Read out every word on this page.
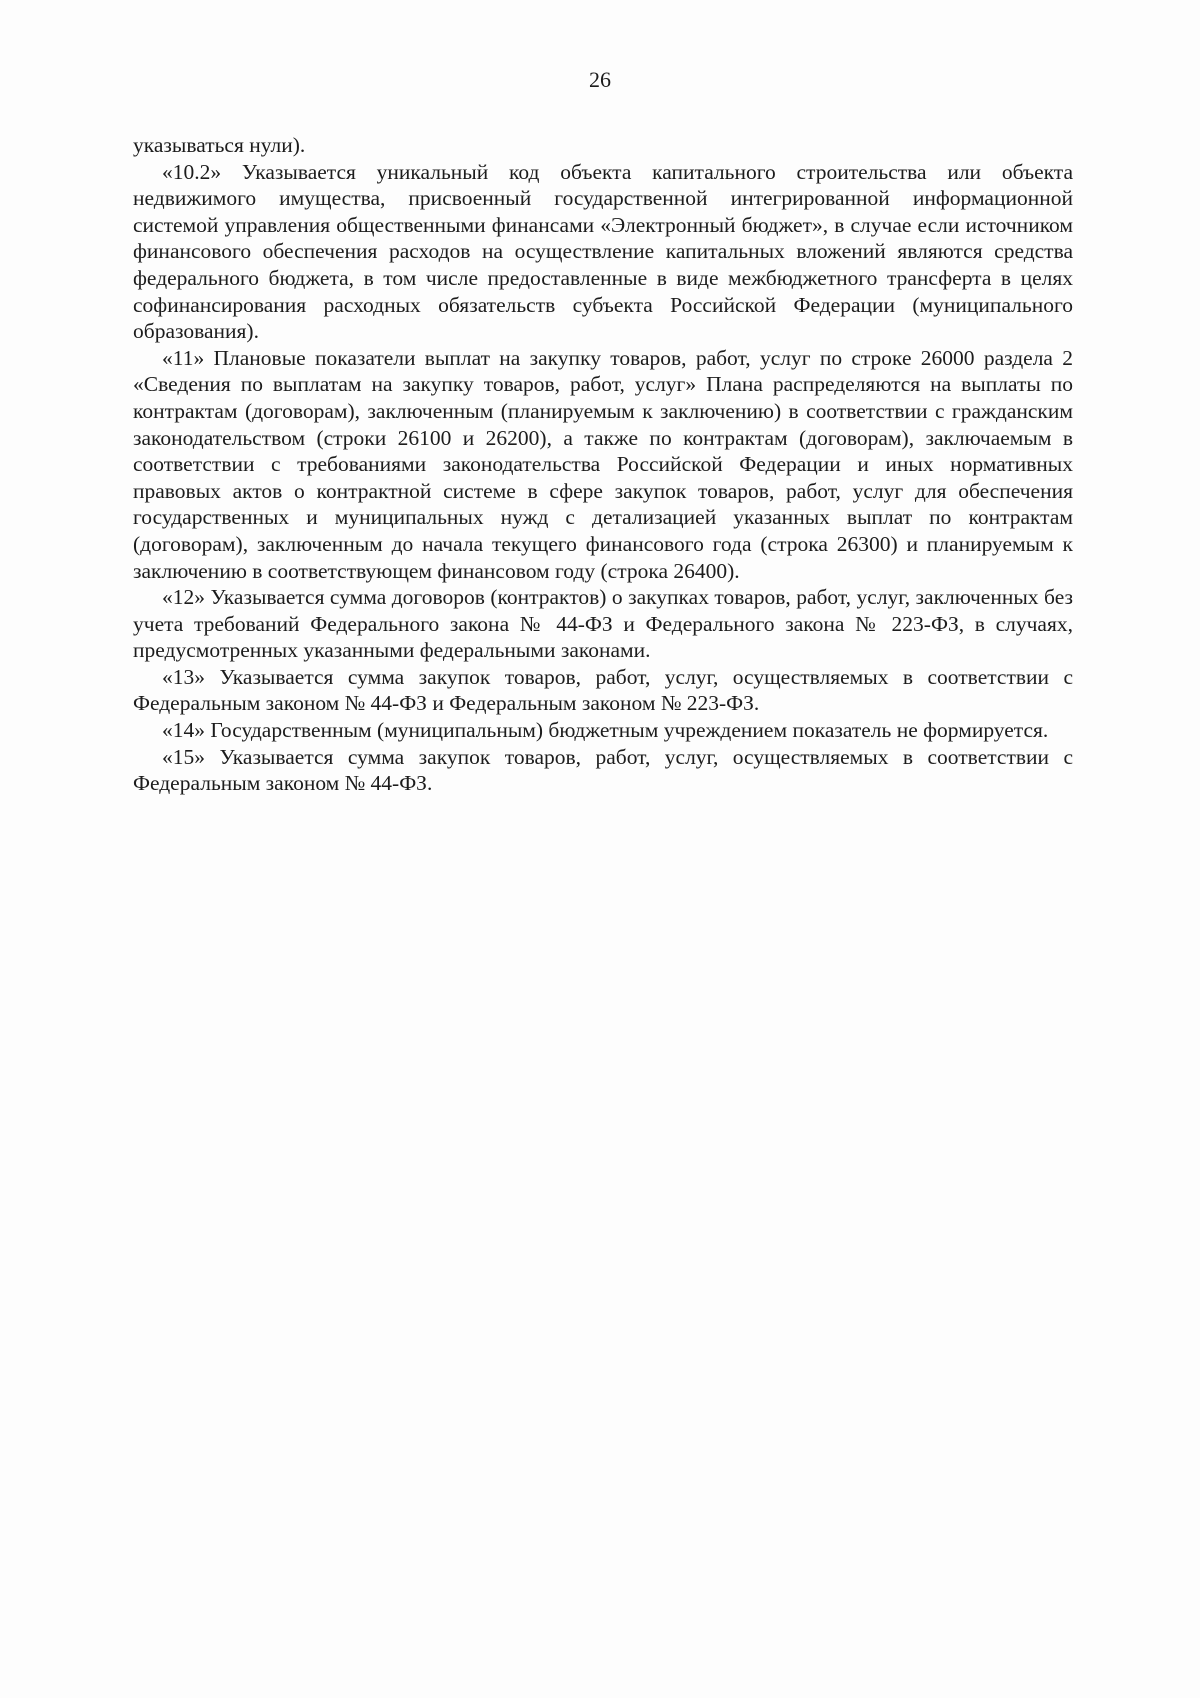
26

указываться нули).

«10.2» Указывается уникальный код объекта капитального строительства или объекта недвижимого имущества, присвоенный государственной интегрированной информационной системой управления общественными финансами «Электронный бюджет», в случае если источником финансового обеспечения расходов на осуществление капитальных вложений являются средства федерального бюджета, в том числе предоставленные в виде межбюджетного трансферта в целях софинансирования расходных обязательств субъекта Российской Федерации (муниципального образования).

«11» Плановые показатели выплат на закупку товаров, работ, услуг по строке 26000 раздела 2 «Сведения по выплатам на закупку товаров, работ, услуг» Плана распределяются на выплаты по контрактам (договорам), заключенным (планируемым к заключению) в соответствии с гражданским законодательством (строки 26100 и 26200), а также по контрактам (договорам), заключаемым в соответствии с требованиями законодательства Российской Федерации и иных нормативных правовых актов о контрактной системе в сфере закупок товаров, работ, услуг для обеспечения государственных и муниципальных нужд с детализацией указанных выплат по контрактам (договорам), заключенным до начала текущего финансового года (строка 26300) и планируемым к заключению в соответствующем финансовом году (строка 26400).

«12» Указывается сумма договоров (контрактов) о закупках товаров, работ, услуг, заключенных без учета требований Федерального закона № 44-ФЗ и Федерального закона № 223-ФЗ, в случаях, предусмотренных указанными федеральными законами.

«13» Указывается сумма закупок товаров, работ, услуг, осуществляемых в соответствии с Федеральным законом № 44-ФЗ и Федеральным законом № 223-ФЗ.

«14» Государственным (муниципальным) бюджетным учреждением показатель не формируется.

«15» Указывается сумма закупок товаров, работ, услуг, осуществляемых в соответствии с Федеральным законом № 44-ФЗ.
